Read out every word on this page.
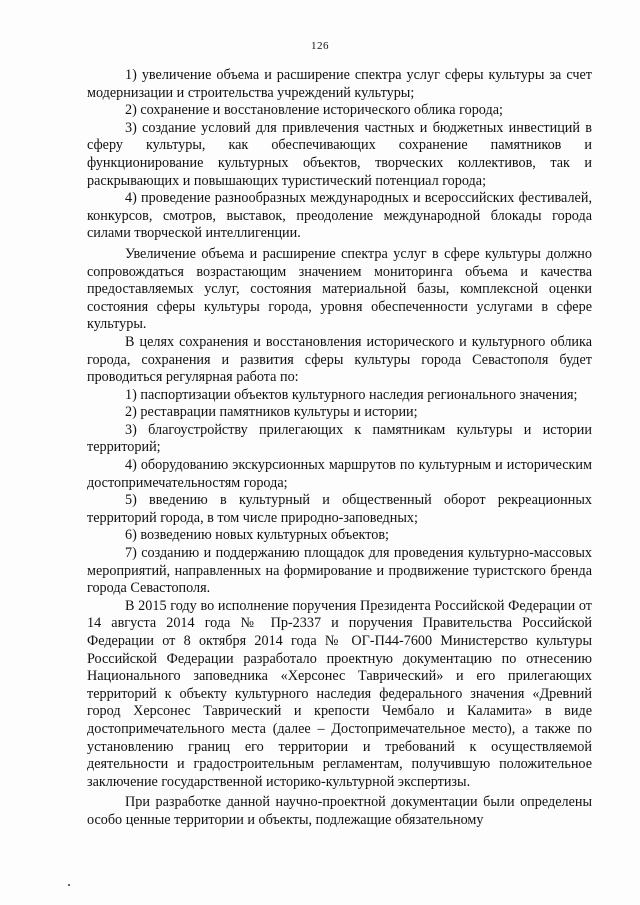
126

1) увеличение объема и расширение спектра услуг сферы культуры за счет модернизации и строительства учреждений культуры;

2) сохранение и восстановление исторического облика города;

3) создание условий для привлечения частных и бюджетных инвестиций в сферу культуры, как обеспечивающих сохранение памятников и функционирование культурных объектов, творческих коллективов, так и раскрывающих и повышающих туристический потенциал города;

4) проведение разнообразных международных и всероссийских фестивалей, конкурсов, смотров, выставок, преодоление международной блокады города силами творческой интеллигенции.

Увеличение объема и расширение спектра услуг в сфере культуры должно сопровождаться возрастающим значением мониторинга объема и качества предоставляемых услуг, состояния материальной базы, комплексной оценки состояния сферы культуры города, уровня обеспеченности услугами в сфере культуры.

В целях сохранения и восстановления исторического и культурного облика города, сохранения и развития сферы культуры города Севастополя будет проводиться регулярная работа по:

1) паспортизации объектов культурного наследия регионального значения;

2) реставрации памятников культуры и истории;

3) благоустройству прилегающих к памятникам культуры и истории территорий;

4) оборудованию экскурсионных маршрутов по культурным и историческим достопримечательностям города;

5) введению в культурный и общественный оборот рекреационных территорий города, в том числе природно-заповедных;

6) возведению новых культурных объектов;

7) созданию и поддержанию площадок для проведения культурно-массовых мероприятий, направленных на формирование и продвижение туристского бренда города Севастополя.

В 2015 году во исполнение поручения Президента Российской Федерации от 14 августа 2014 года № Пр-2337 и поручения Правительства Российской Федерации от 8 октября 2014 года № ОГ-П44-7600 Министерство культуры Российской Федерации разработало проектную документацию по отнесению Национального заповедника «Херсонес Таврический» и его прилегающих территорий к объекту культурного наследия федерального значения «Древний город Херсонес Таврический и крепости Чембало и Каламита» в виде достопримечательного места (далее – Достопримечательное место), а также по установлению границ его территории и требований к осуществляемой деятельности и градостроительным регламентам, получившую положительное заключение государственной историко-культурной экспертизы.

При разработке данной научно-проектной документации были определены особо ценные территории и объекты, подлежащие обязательному
